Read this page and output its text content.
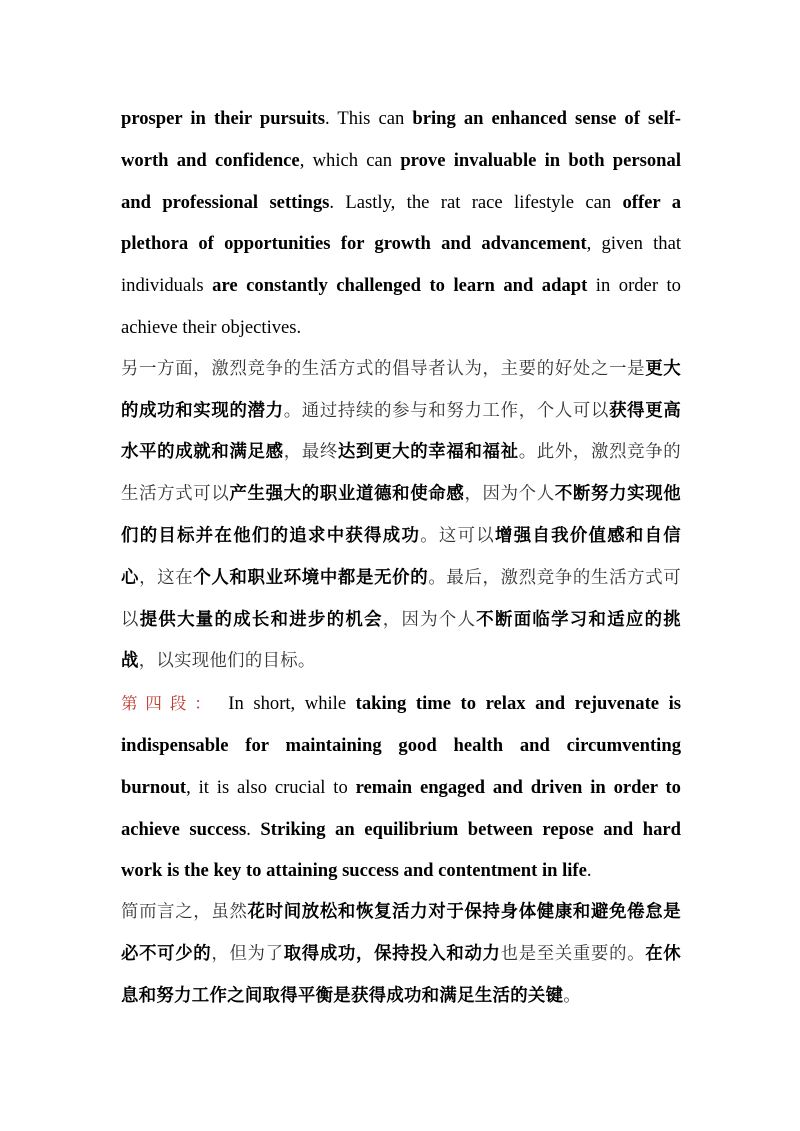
prosper in their pursuits. This can bring an enhanced sense of self-worth and confidence, which can prove invaluable in both personal and professional settings. Lastly, the rat race lifestyle can offer a plethora of opportunities for growth and advancement, given that individuals are constantly challenged to learn and adapt in order to achieve their objectives.

另一方面，激烈竞争的生活方式的倡导者认为，主要的好处之一是更大的成功和实现的潜力。通过持续的参与和努力工作，个人可以获得更高水平的成就和满足感，最终达到更大的幸福和福祉。此外，激烈竞争的生活方式可以产生强大的职业道德和使命感，因为个人不断努力实现他们的目标并在他们的追求中获得成功。这可以增强自我价值感和自信心，这在个人和职业环境中都是无价的。最后，激烈竞争的生活方式可以提供大量的成长和进步的机会，因为个人不断面临学习和适应的挑战，以实现他们的目标。

第四段： In short, while taking time to relax and rejuvenate is indispensable for maintaining good health and circumventing burnout, it is also crucial to remain engaged and driven in order to achieve success. Striking an equilibrium between repose and hard work is the key to attaining success and contentment in life.

简而言之，虽然花时间放松和恢复活力对于保持身体健康和避免倦怠是必不可少的，但为了取得成功，保持投入和动力也是至关重要的。在休息和努力工作之间取得平衡是获得成功和满足生活的关键。
